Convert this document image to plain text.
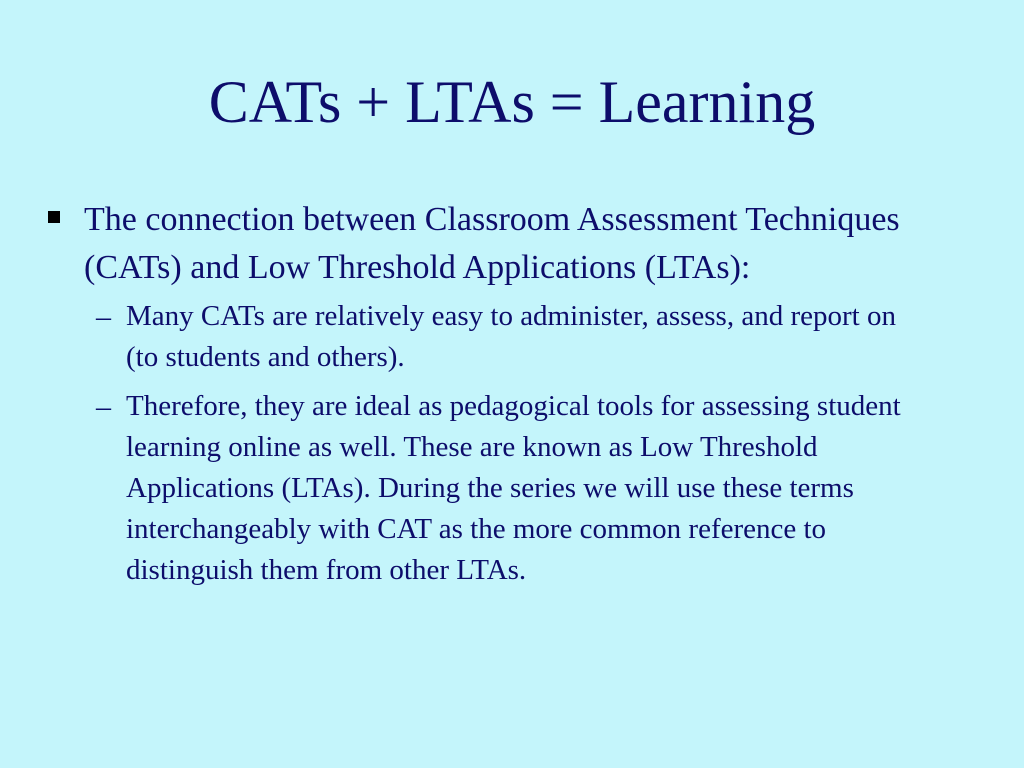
CATs + LTAs = Learning
The connection between Classroom Assessment Techniques (CATs) and Low Threshold Applications (LTAs):
– Many CATs are relatively easy to administer, assess, and report on (to students and others).
– Therefore, they are ideal as pedagogical tools for assessing student learning online as well. These are known as Low Threshold Applications (LTAs). During the series we will use these terms interchangeably with CAT as the more common reference to distinguish them from other LTAs.
